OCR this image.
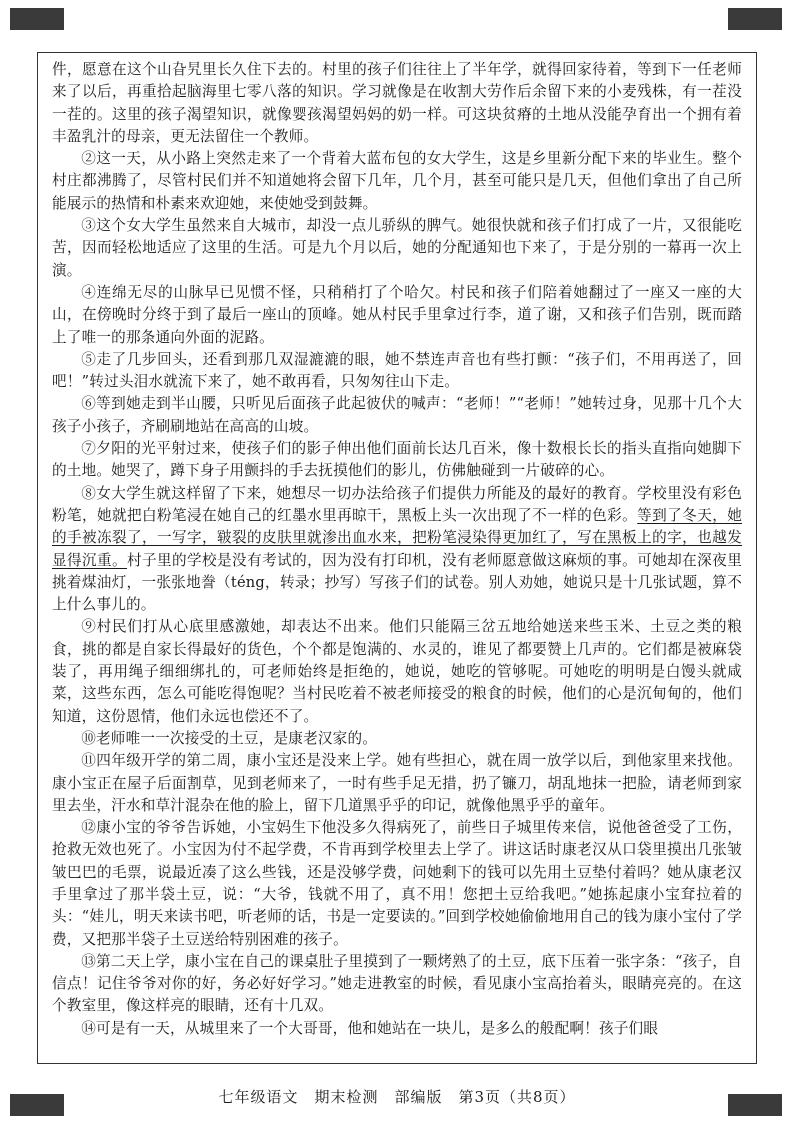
件，愿意在这个山旮旯里长久住下去的。村里的孩子们往往上了半年学，就得回家待着，等到下一任老师来了以后，再重拾起脑海里七零八落的知识。学习就像是在收割大劳作后余留下来的小麦残株，有一茬没一茬的。这里的孩子渴望知识，就像婴孩渴望妈妈的奶一样。可这块贫瘠的土地从没能孕育出一个拥有着丰盈乳汁的母亲，更无法留住一个教师。

②这一天，从小路上突然走来了一个背着大蓝布包的女大学生，这是乡里新分配下来的毕业生。整个村庄都沸腾了，尽管村民们并不知道她将会留下几年，几个月，甚至可能只是几天，但他们拿出了自己所能展示的热情和朴素来欢迎她，来使她受到鼓舞。

③这个女大学生虽然来自大城市，却没一点儿骄纵的脾气。她很快就和孩子们打成了一片，又很能吃苦，因而轻松地适应了这里的生活。可是九个月以后，她的分配通知也下来了，于是分别的一幕再一次上演。

④连绵无尽的山脉早已见惯不怪，只稍稍打了个哈欠。村民和孩子们陪着她翻过了一座又一座的大山，在傍晚时分终于到了最后一座山的顶峰。她从村民手里拿过行李，道了谢，又和孩子们告别，既而踏上了唯一的那条通向外面的泥路。

⑤走了几步回头，还看到那几双湿漉漉的眼，她不禁连声音也有些打颤：“孩子们，不用再送了，回吧！”转过头泪水就流下来了，她不敢再看，只匆匆往山下走。

⑥等到她走到半山腰，只听见后面孩子此起彼伏的喊声：“老师！”“老师！”她转过身，见那十几个大孩子小孩子，齐刷刷地站在高高的山坡。

⑦夕阳的光平射过来，使孩子们的影子伸出他们面前长达几百米，像十数根长长的指头直指向她脚下的土地。她哭了，蹲下身子用颤抖的手去抚摸他们的影儿，仿佛触碰到一片破碎的心。

⑧女大学生就这样留了下来，她想尽一切办法给孩子们提供力所能及的最好的教育。学校里没有彩色粉笔，她就把白粉笔浸在她自己的红墨水里再晾干，黑板上头一次出现了不一样的色彩。等到了冬天，她的手被冻裂了，一写字，皲裂的皮肤里就渗出血水来，把粉笔浸染得更加红了，写在黑板上的字，也越发显得沉重。村子里的学校是没有考试的，因为没有打印机，没有老师愿意做这麻烦的事。可她却在深夜里挑着煤油灯，一张张地誊（téng，转录；抄写）写孩子们的试卷。别人劝她，她说只是十几张试题，算不上什么事儿的。

⑨村民们打从心底里感激她，却表达不出来。他们只能隔三岔五地给她送来些玉米、土豆之类的粮食，挑的都是自家长得最好的货色，个个都是饱满的、水灵的，谁见了都要赞上几声的。它们都是被麻袋装了，再用绳子细细绑扎的，可老师始终是拒绝的，她说，她吃的管够呢。可她吃的明明是白馒头就咸菜，这些东西，怎么可能吃得饱呢？当村民吃着不被老师接受的粮食的时候，他们的心是沉甸甸的，他们知道，这份恩情，他们永远也偿还不了。

⑩老师唯一一次接受的土豆，是康老汉家的。

⑪四年级开学的第二周，康小宝还是没来上学。她有些担心，就在周一放学以后，到他家里来找他。康小宝正在屋子后面割草，见到老师来了，一时有些手足无措，扔了镰刀，胡乱地抹一把脸，请老师到家里去坐，汗水和草汁混杂在他的脸上，留下几道黑乎乎的印记，就像他黑乎乎的童年。

⑫康小宝的爷爷告诉她，小宝妈生下他没多久得病死了，前些日子城里传来信，说他爸爸受了工伤，抢救无效也死了。小宝因为付不起学费，不肯再到学校里去上学了。讲这话时康老汉从口袋里摸出几张皱皱巴巴的毛票，说最近凑了这么些钱，还是没够学费，问她剩下的钱可以先用土豆垫付着吗？她从康老汉手里拿过了那半袋土豆，说：“大爷，钱就不用了，真不用！您把土豆给我吧。”她拣起康小宝耷拉着的头：“娃儿，明天来读书吧，听老师的话，书是一定要读的。”回到学校她偷偷地用自己的钱为康小宝付了学费，又把那半袋子土豆送给特别困难的孩子。

⑬第二天上学，康小宝在自己的课桌肚子里摸到了一颗烤熟了的土豆，底下压着一张字条：“孩子，自信点！记住爷爷对你的好，务必好好学习。”她走进教室的时候，看见康小宝高抬着头，眼睛亮亮的。在这个教室里，像这样亮的眼睛，还有十几双。

⑭可是有一天，从城里来了一个大哥哥，他和她站在一块儿，是多么的般配啊！孩子们眼

七年级语文　期末检测　部编版　第3页（共8页）
